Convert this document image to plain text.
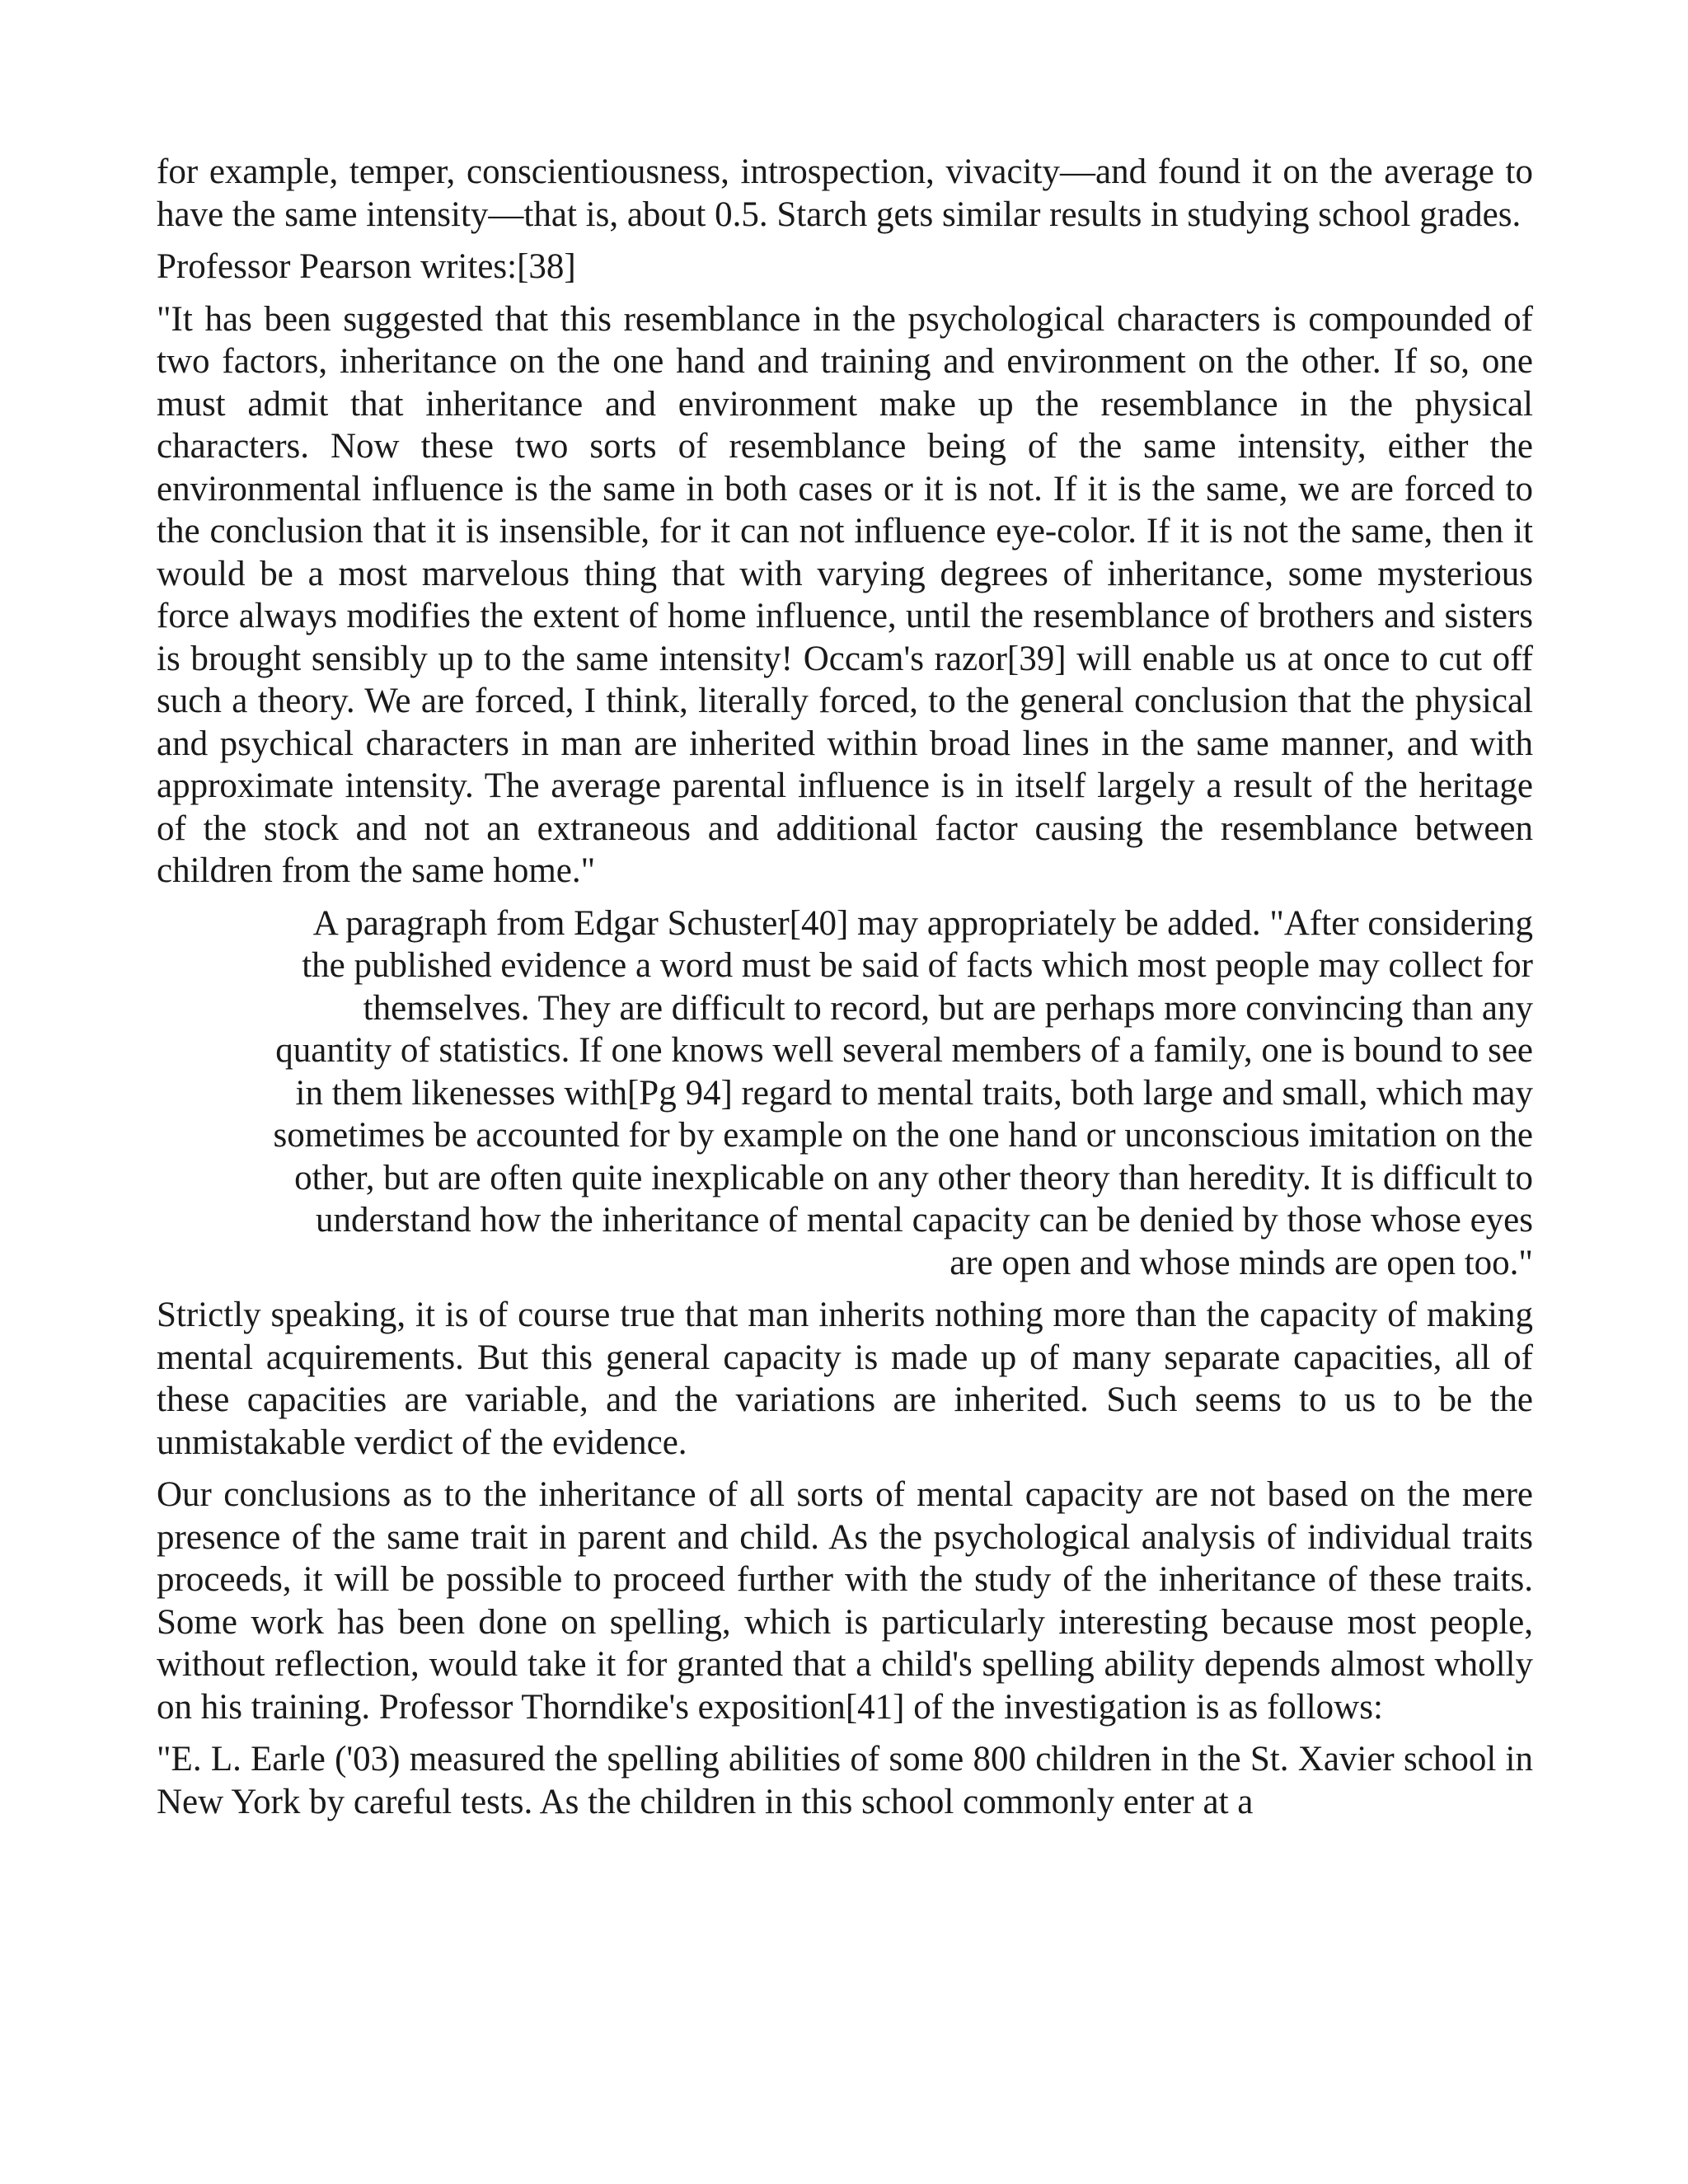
for example, temper, conscientiousness, introspection, vivacity—and found it on the average to have the same intensity—that is, about 0.5. Starch gets similar results in studying school grades.

Professor Pearson writes:[38]

"It has been suggested that this resemblance in the psychological characters is compounded of two factors, inheritance on the one hand and training and environment on the other. If so, one must admit that inheritance and environment make up the resemblance in the physical characters. Now these two sorts of resemblance being of the same intensity, either the environmental influence is the same in both cases or it is not. If it is the same, we are forced to the conclusion that it is insensible, for it can not influence eye-color. If it is not the same, then it would be a most marvelous thing that with varying degrees of inheritance, some mysterious force always modifies the extent of home influence, until the resemblance of brothers and sisters is brought sensibly up to the same intensity! Occam's razor[39] will enable us at once to cut off such a theory. We are forced, I think, literally forced, to the general conclusion that the physical and psychical characters in man are inherited within broad lines in the same manner, and with approximate intensity. The average parental influence is in itself largely a result of the heritage of the stock and not an extraneous and additional factor causing the resemblance between children from the same home."

A paragraph from Edgar Schuster[40] may appropriately be added. "After considering
the published evidence a word must be said of facts which most people may collect for
themselves. They are difficult to record, but are perhaps more convincing than any
quantity of statistics. If one knows well several members of a family, one is bound to see
in them likenesses with[Pg 94] regard to mental traits, both large and small, which may
sometimes be accounted for by example on the one hand or unconscious imitation on the
other, but are often quite inexplicable on any other theory than heredity. It is difficult to
understand how the inheritance of mental capacity can be denied by those whose eyes
are open and whose minds are open too."

Strictly speaking, it is of course true that man inherits nothing more than the capacity of making mental acquirements. But this general capacity is made up of many separate capacities, all of these capacities are variable, and the variations are inherited. Such seems to us to be the unmistakable verdict of the evidence.

Our conclusions as to the inheritance of all sorts of mental capacity are not based on the mere presence of the same trait in parent and child. As the psychological analysis of individual traits proceeds, it will be possible to proceed further with the study of the inheritance of these traits. Some work has been done on spelling, which is particularly interesting because most people, without reflection, would take it for granted that a child's spelling ability depends almost wholly on his training. Professor Thorndike's exposition[41] of the investigation is as follows:

"E. L. Earle ('03) measured the spelling abilities of some 800 children in the St. Xavier school in New York by careful tests. As the children in this school commonly enter at a
